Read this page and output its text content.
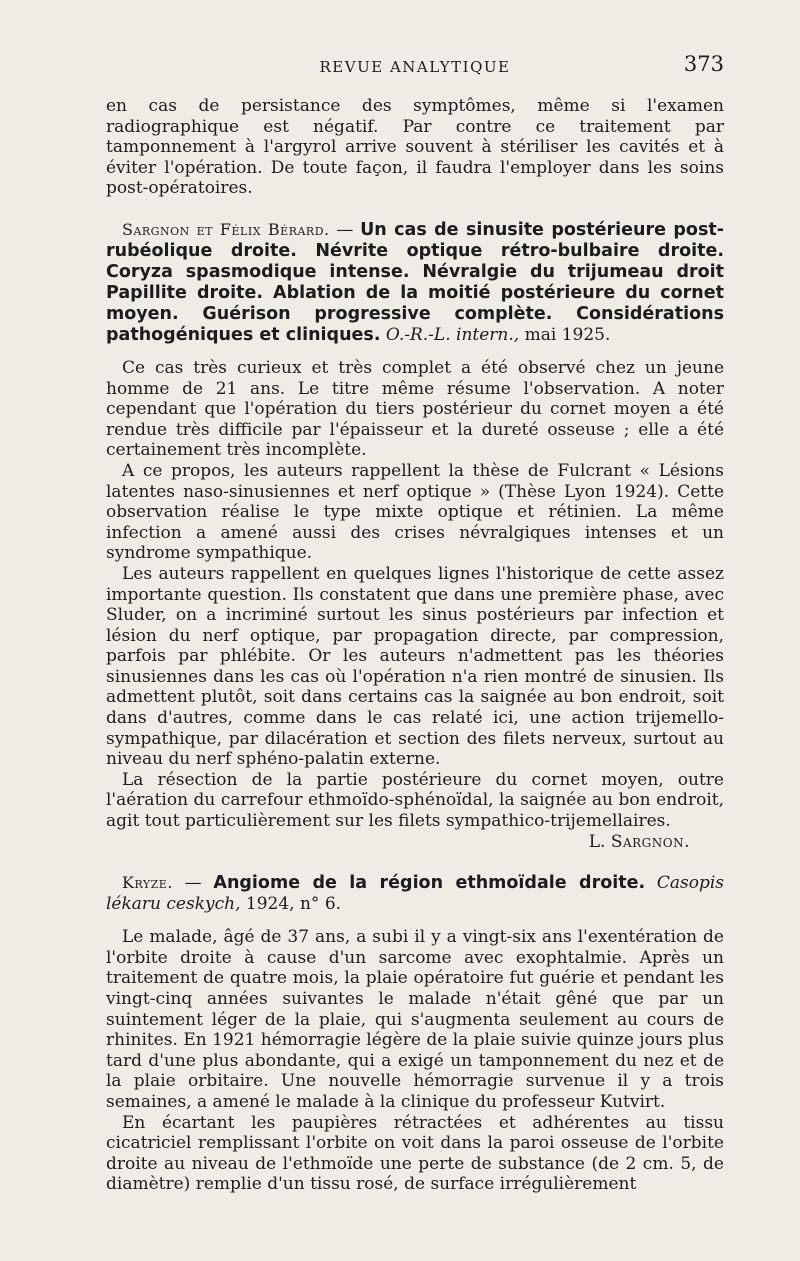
REVUE ANALYTIQUE	373

en cas de persistance des symptômes, même si l'examen radiographique est négatif. Par contre ce traitement par tamponnement à l'argyrol arrive souvent à stériliser les cavités et à éviter l'opération. De toute façon, il faudra l'employer dans les soins post-opératoires.

Sargnon et Félix Bérard. — Un cas de sinusite postérieure post-rubéolique droite. Névrite optique rétro-bulbaire droite. Coryza spasmodique intense. Névralgie du trijumeau droit Papillite droite. Ablation de la moitié postérieure du cornet moyen. Guérison progressive complète. Considérations pathogéniques et cliniques. O.-R.-L. intern., mai 1925.

Ce cas très curieux et très complet a été observé chez un jeune homme de 21 ans. Le titre même résume l'observation. A noter cependant que l'opération du tiers postérieur du cornet moyen a été rendue très difficile par l'épaisseur et la dureté osseuse ; elle a été certainement très incomplète.

A ce propos, les auteurs rappellent la thèse de Fulcrant « Lésions latentes naso-sinusiennes et nerf optique » (Thèse Lyon 1924). Cette observation réalise le type mixte optique et rétinien. La même infection a amené aussi des crises névralgiques intenses et un syndrome sympathique.

Les auteurs rappellent en quelques lignes l'historique de cette assez importante question. Ils constatent que dans une première phase, avec Sluder, on a incriminé surtout les sinus postérieurs par infection et lésion du nerf optique, par propagation directe, par compression, parfois par phlébite. Or les auteurs n'admettent pas les théories sinusiennes dans les cas où l'opération n'a rien montré de sinusien. Ils admettent plutôt, soit dans certains cas la saignée au bon endroit, soit dans d'autres, comme dans le cas relaté ici, une action trijemello-sympathique, par dilacération et section des filets nerveux, surtout au niveau du nerf sphéno-palatin externe.

La résection de la partie postérieure du cornet moyen, outre l'aération du carrefour ethmoïdo-sphénoïdal, la saignée au bon endroit, agit tout particulièrement sur les filets sympathico-trijemellaires.

L. Sargnon.

Kryze. — Angiome de la région ethmoïdale droite. Casopis lékaru ceskych, 1924, n° 6.

Le malade, âgé de 37 ans, a subi il y a vingt-six ans l'exentération de l'orbite droite à cause d'un sarcome avec exophtalmie. Après un traitement de quatre mois, la plaie opératoire fut guérie et pendant les vingt-cinq années suivantes le malade n'était gêné que par un suintement léger de la plaie, qui s'augmenta seulement au cours de rhinites. En 1921 hémorragie légère de la plaie suivie quinze jours plus tard d'une plus abondante, qui a exigé un tamponnement du nez et de la plaie orbitaire. Une nouvelle hémorragie survenue il y a trois semaines, a amené le malade à la clinique du professeur Kutvirt.

En écartant les paupières rétractées et adhérentes au tissu cicatriciel remplissant l'orbite on voit dans la paroi osseuse de l'orbite droite au niveau de l'ethmoïde une perte de substance (de 2 cm. 5, de diamètre) remplie d'un tissu rosé, de surface irrégulièrement
